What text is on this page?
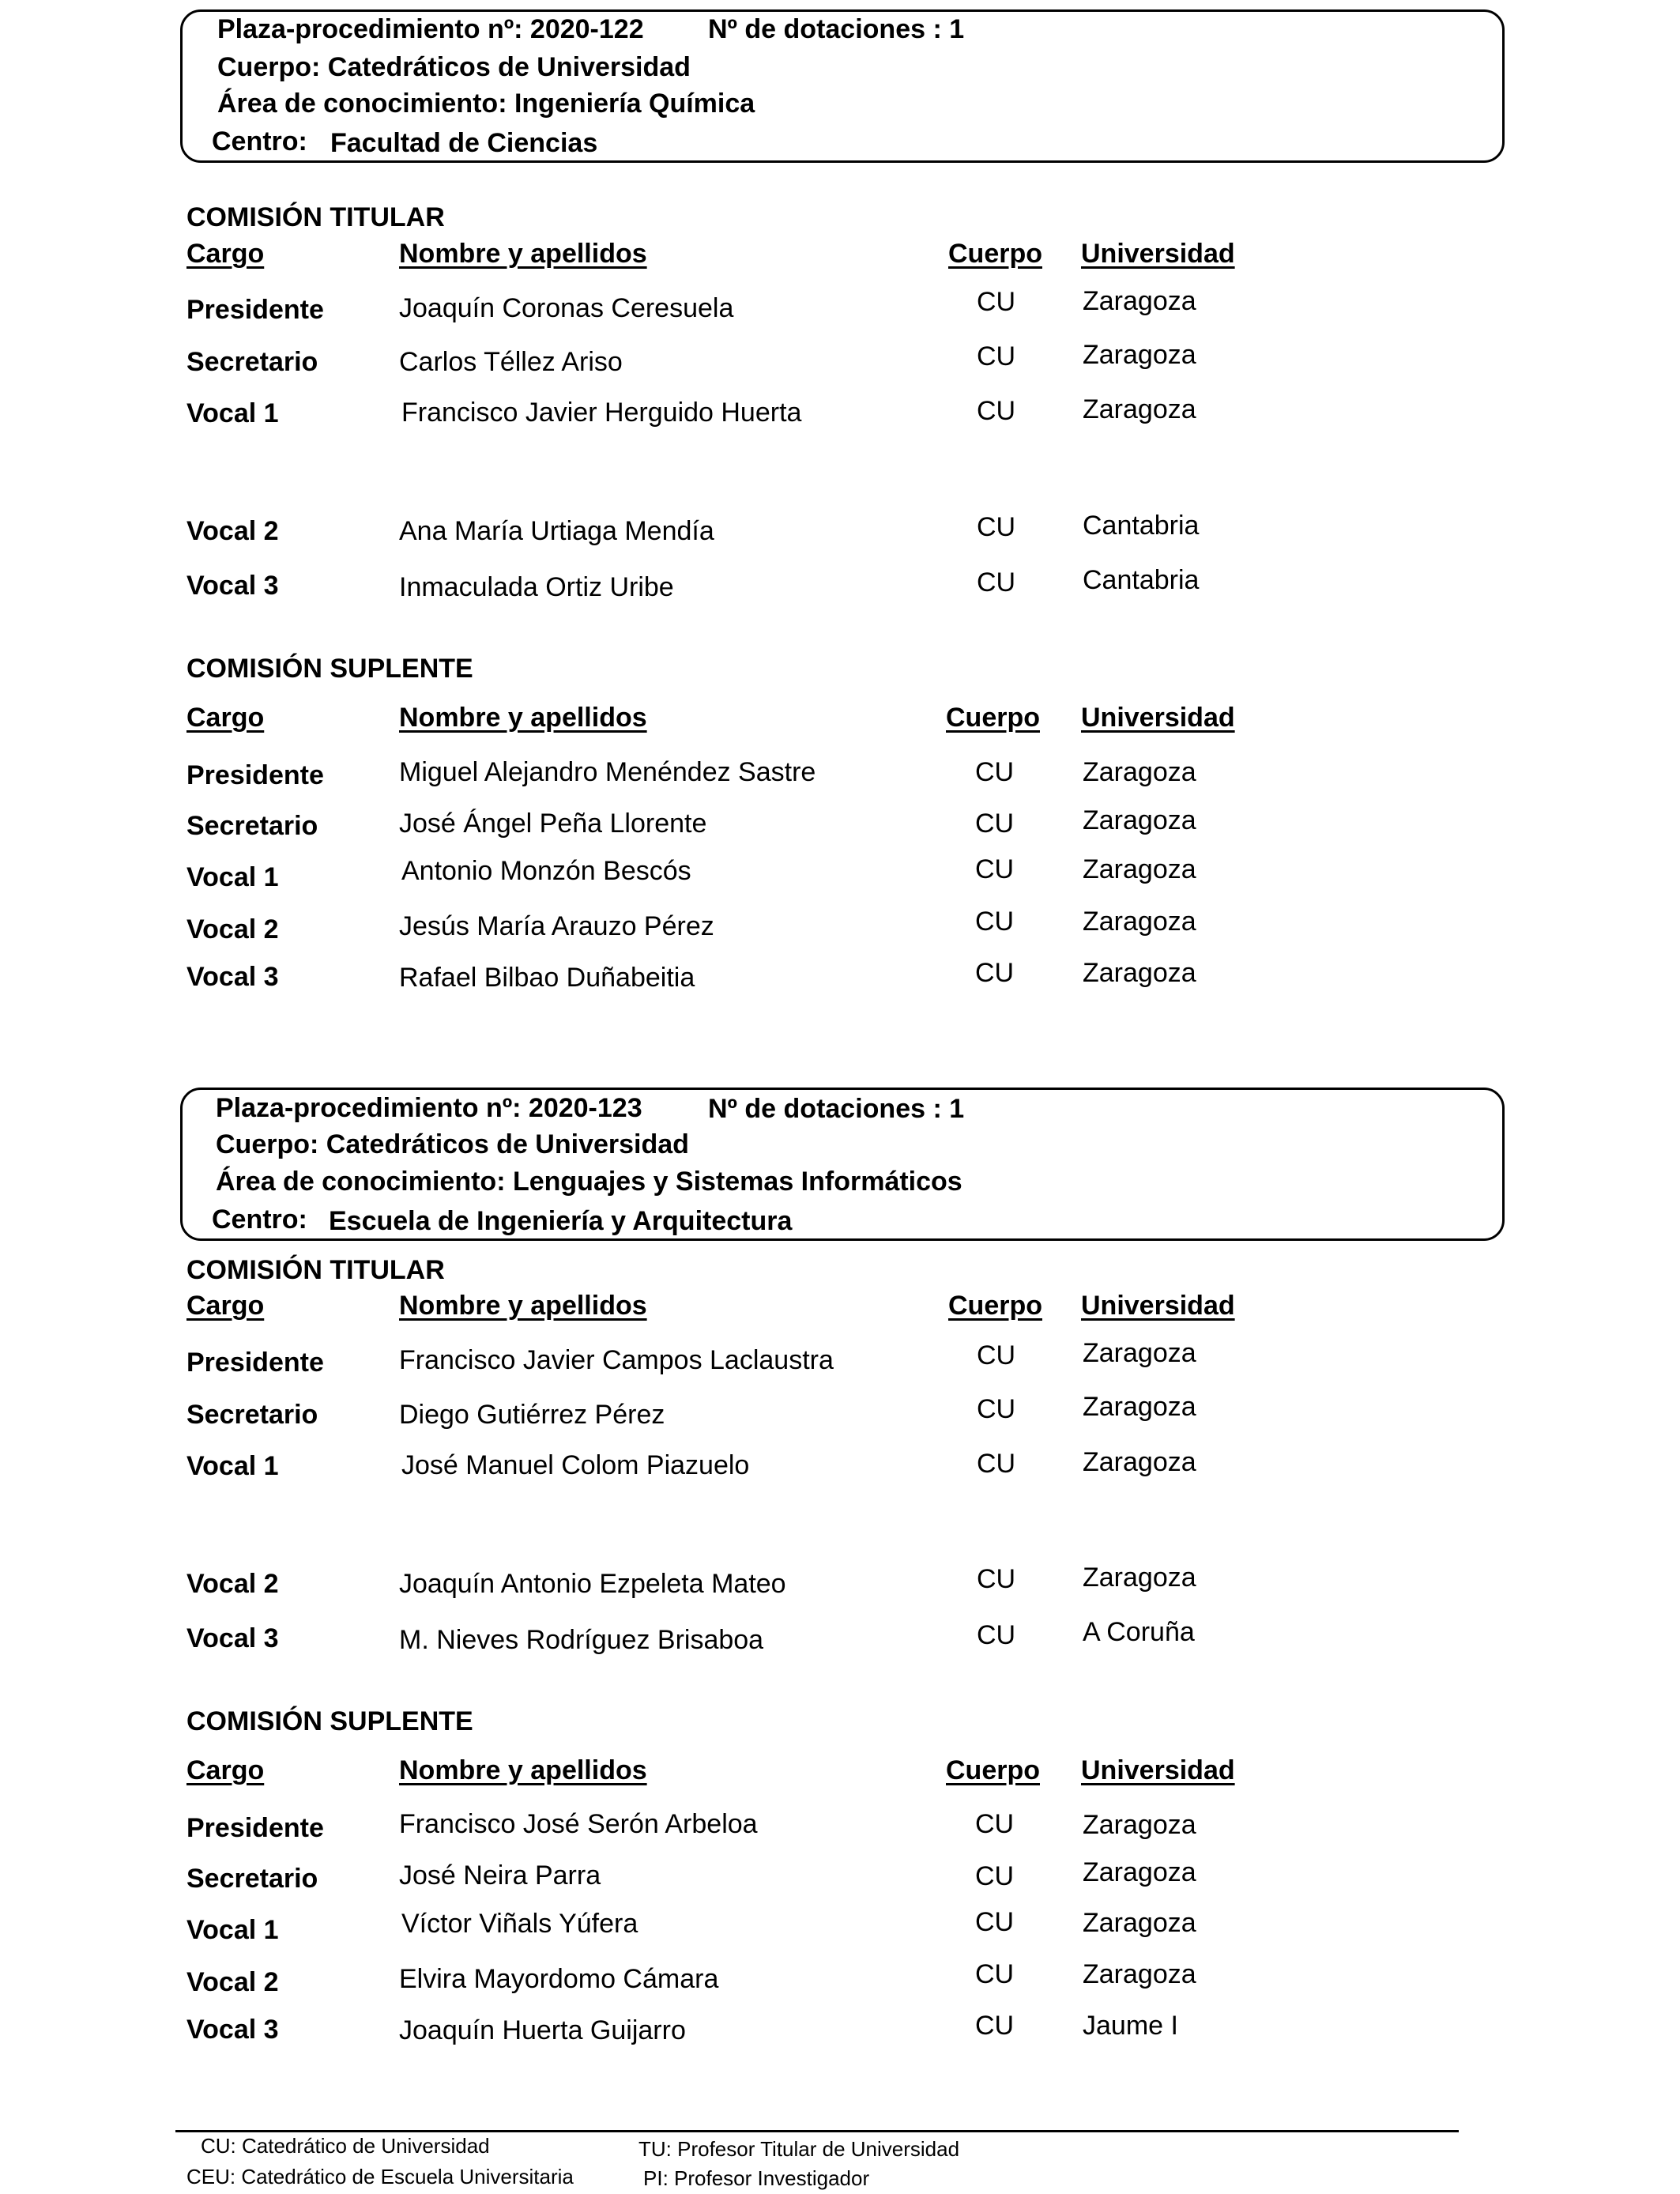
Plaza-procedimiento nº: 2020-122 Nº de dotaciones : 1
Cuerpo: Catedráticos de Universidad
Área de conocimiento: Ingeniería Química
Centro: Facultad de Ciencias
COMISIÓN TITULAR
Cargo	Nombre y apellidos	Cuerpo Universidad
Presidente	Joaquín Coronas Ceresuela	CU Zaragoza
Secretario	Carlos Téllez Ariso	CU Zaragoza
Vocal 1	Francisco Javier Herguido Huerta	CU Zaragoza
Vocal 2	Ana María Urtiaga Mendía	CU Cantabria
Vocal 3	Inmaculada Ortiz Uribe	CU Cantabria
COMISIÓN SUPLENTE
Cargo	Nombre y apellidos	Cuerpo Universidad
Presidente	Miguel Alejandro Menéndez Sastre	CU	Zaragoza
Secretario	José Ángel Peña Llorente	CU	Zaragoza
Vocal 1	Antonio Monzón Bescós	CU	Zaragoza
Vocal 2	Jesús María Arauzo Pérez	CU	Zaragoza
Vocal 3	Rafael Bilbao Duñabeitia	CU	Zaragoza
Plaza-procedimiento nº: 2020-123 Nº de dotaciones : 1
Cuerpo: Catedráticos de Universidad
Área de conocimiento: Lenguajes y Sistemas Informáticos
Centro: Escuela de Ingeniería y Arquitectura
COMISIÓN TITULAR
Cargo	Nombre y apellidos	Cuerpo Universidad
Presidente	Francisco Javier Campos Laclaustra	CU Zaragoza
Secretario	Diego Gutiérrez Pérez	CU Zaragoza
Vocal 1	José Manuel Colom Piazuelo	CU Zaragoza
Vocal 2	Joaquín Antonio Ezpeleta Mateo	CU Zaragoza
Vocal 3	M. Nieves Rodríguez Brisaboa	CU A Coruña
COMISIÓN SUPLENTE
Cargo	Nombre y apellidos	Cuerpo Universidad
Presidente	Francisco José Serón Arbeloa	CU	Zaragoza
Secretario	José Neira Parra	CU	Zaragoza
Vocal 1	Víctor Viñals Yúfera	CU	Zaragoza
Vocal 2	Elvira Mayordomo Cámara	CU	Zaragoza
Vocal 3	Joaquín Huerta Guijarro	CU	Jaume I
CU: Catedrático de Universidad
CEU: Catedrático de Escuela Universitaria
TU: Profesor Titular de Universidad
PI: Profesor Investigador
